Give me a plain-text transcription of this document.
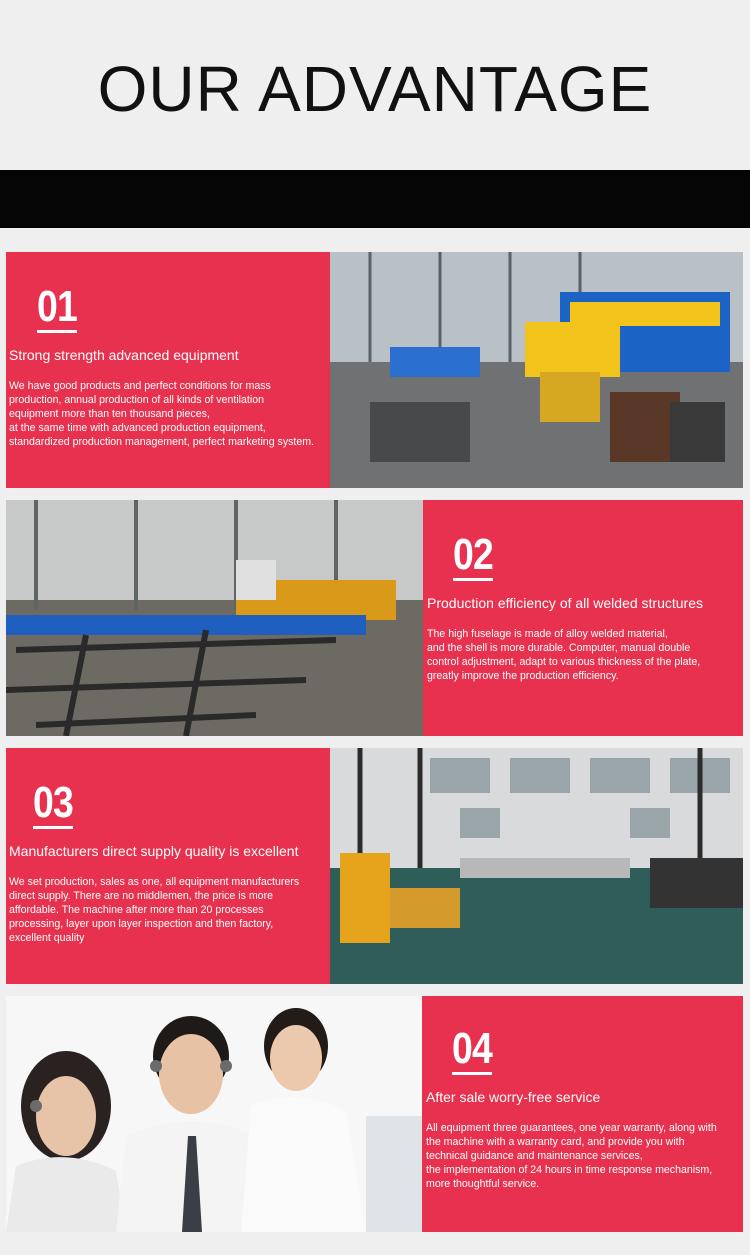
OUR ADVANTAGE
01
Strong strength advanced equipment
We have good products and perfect conditions for mass
production, annual production of all kinds of ventilation
equipment more than ten thousand pieces,
at the same time with advanced production equipment,
standardized production management, perfect marketing system.
02
Production efficiency of all welded structures
The high fuselage is made of alloy welded material,
and the shell is more durable. Computer, manual double
control adjustment, adapt to various thickness of the plate,
greatly improve the production efficiency.
03
Manufacturers direct supply quality is excellent
We set production, sales as one, all equipment manufacturers
direct supply. There are no middlemen, the price is more
affordable. The machine after more than 20 processes
processing, layer upon layer inspection and then factory,
excellent quality
04
After sale worry-free service
All equipment three guarantees, one year warranty, along with
the machine with a warranty card, and provide you with
technical guidance and maintenance services,
the implementation of 24 hours in time response mechanism,
more thoughtful service.
